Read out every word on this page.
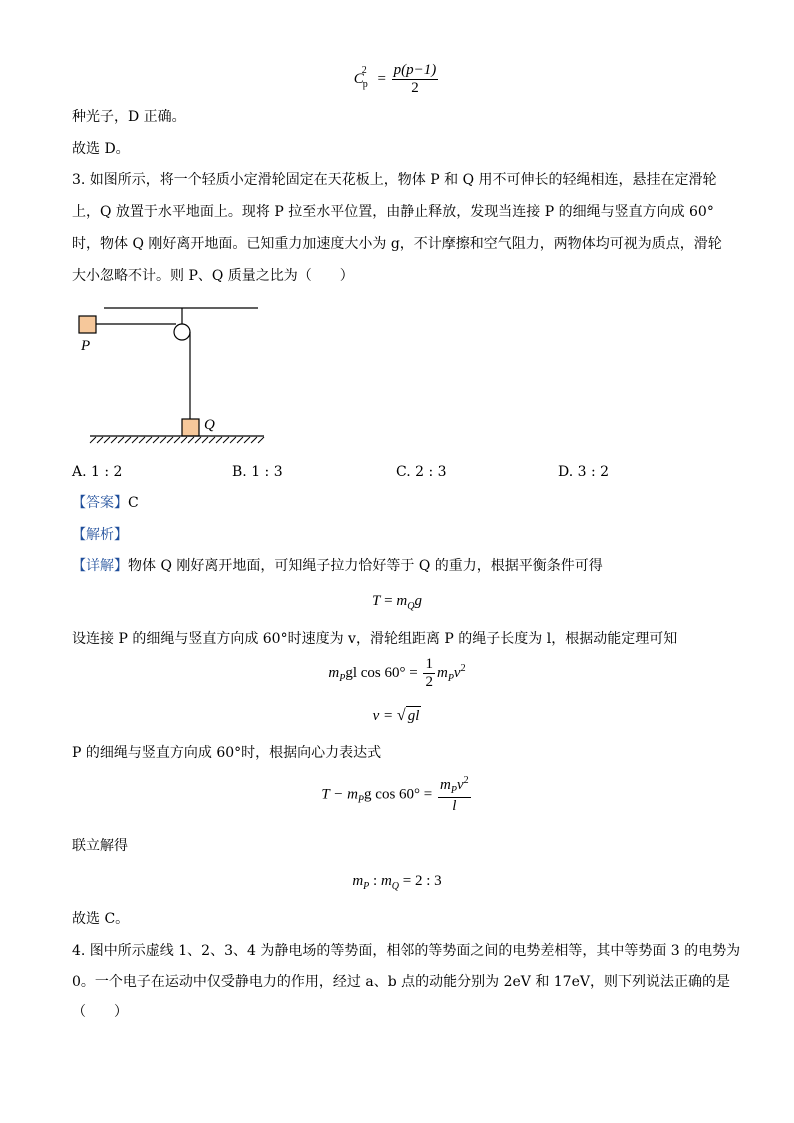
$C_p^2 = \frac{p(p-1)}{2}$
种光子，D 正确。
故选 D。
3. 如图所示，将一个轻质小定滑轮固定在天花板上，物体 P 和 Q 用不可伸长的轻绳相连，悬挂在定滑轮
上，Q 放置于水平地面上。现将 P 拉至水平位置，由静止释放，发现当连接 P 的细绳与竖直方向成 60°
时，物体 Q 刚好离开地面。已知重力加速度大小为 g，不计摩擦和空气阻力，两物体均可视为质点，滑轮
大小忽略不计。则 P、Q 质量之比为（　　）
P
Q
A. 1 : 2	B. 1 : 3	C. 2 : 3	D. 3 : 2
【答案】C
【解析】
【详解】物体 Q 刚好离开地面，可知绳子拉力恰好等于 Q 的重力，根据平衡条件可得
$T = m_Qg$
设连接 P 的细绳与竖直方向成 60°时速度为 v，滑轮组距离 P 的绳子长度为 l，根据动能定理可知
$m_Pgl$ $\cos 60^\circ = \frac{1}{2} m_Pv^2$
v = √ gl
P 的细绳与竖直方向成 60°时，根据向心力表达式
$T - m_Pg$ $\cos 60^\circ = \frac{m_Pv^2}{l}$
联立解得
$m_P$ : $m_Q = 2$ : 3
故选 C。
4. 图中所示虚线 1、2、3、4 为静电场的等势面，相邻的等势面之间的电势差相等，其中等势面 3 的电势为
0。一个电子在运动中仅受静电力的作用，经过 a、b 点的动能分别为 2eV 和 17eV，则下列说法正确的是
（　　）
